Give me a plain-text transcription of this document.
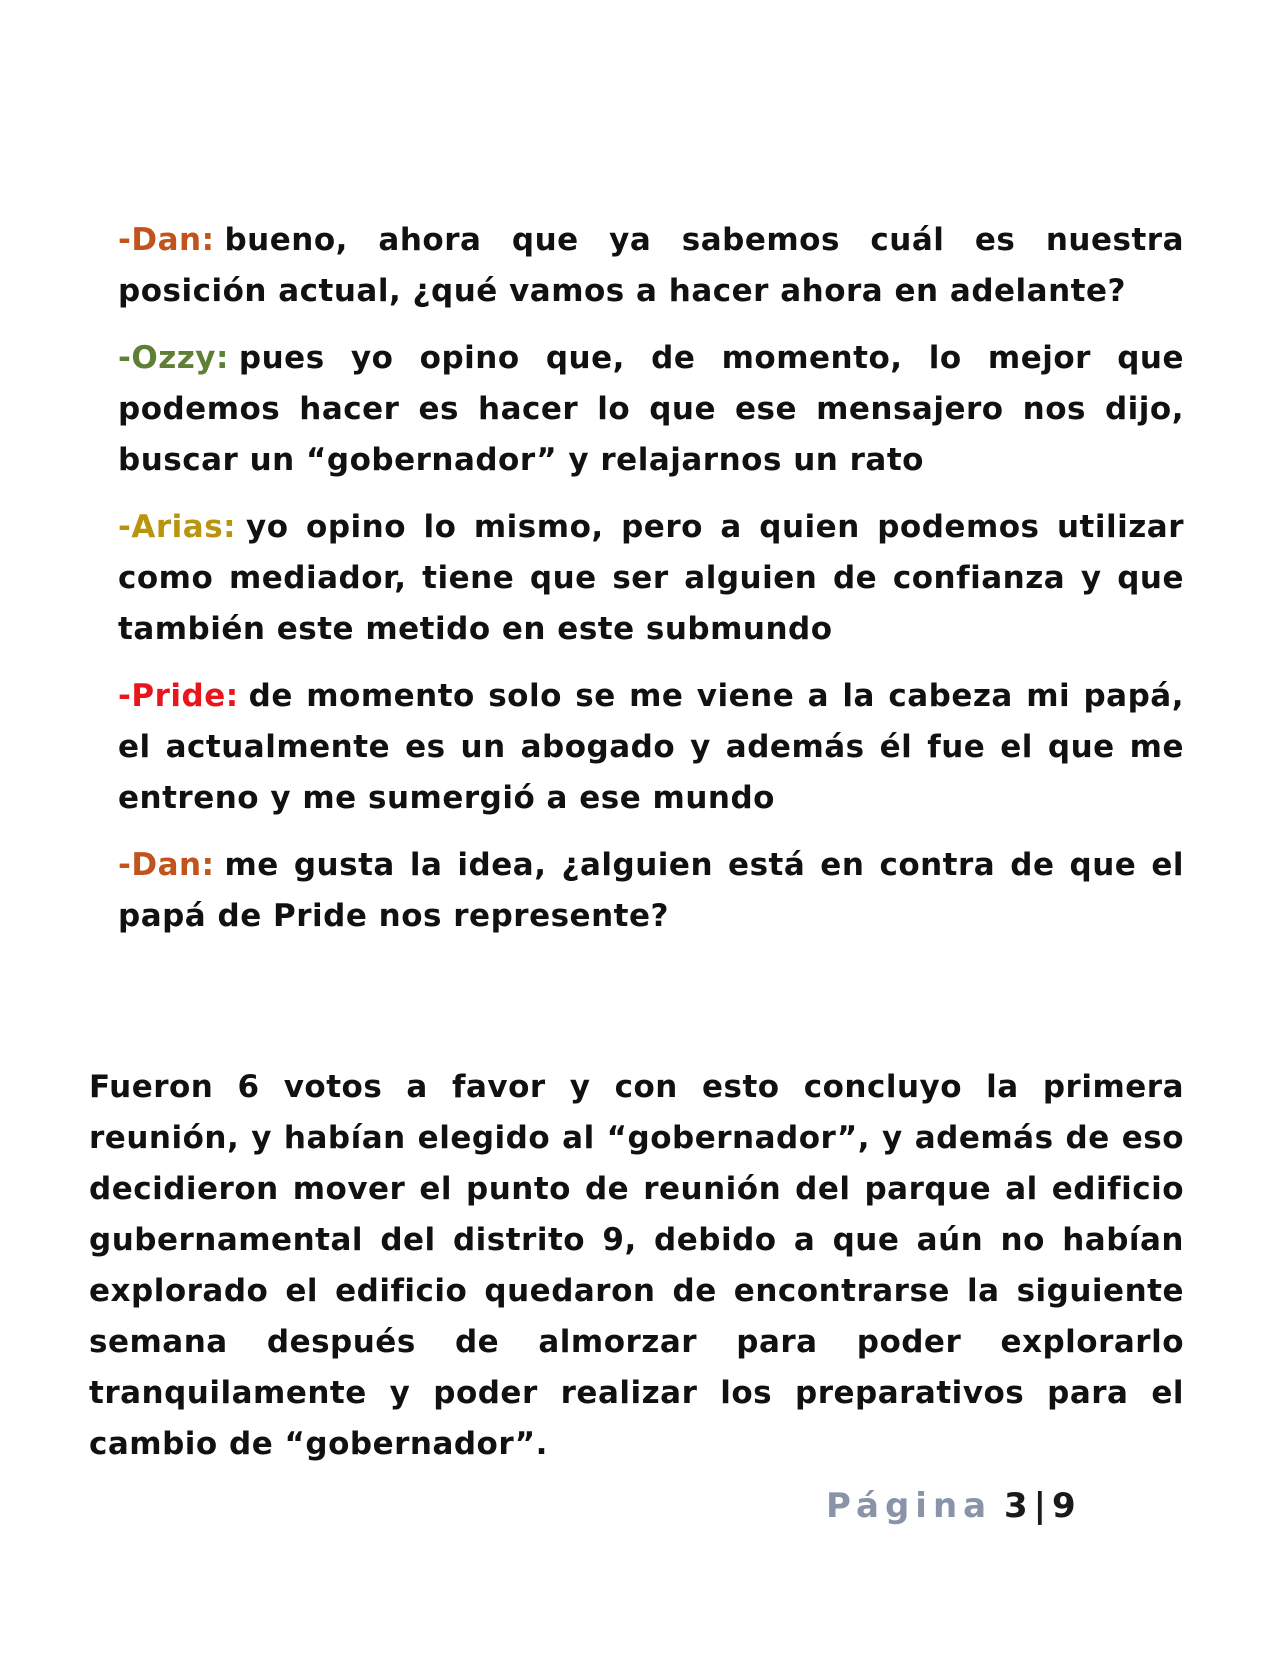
-Dan: bueno, ahora que ya sabemos cuál es nuestra posición actual, ¿qué vamos a hacer ahora en adelante?

-Ozzy: pues yo opino que, de momento, lo mejor que podemos hacer es hacer lo que ese mensajero nos dijo, buscar un “gobernador” y relajarnos un rato

-Arias: yo opino lo mismo, pero a quien podemos utilizar como mediador, tiene que ser alguien de confianza y que también este metido en este submundo

-Pride: de momento solo se me viene a la cabeza mi papá, el actualmente es un abogado y además él fue el que me entreno y me sumergió a ese mundo

-Dan: me gusta la idea, ¿alguien está en contra de que el papá de Pride nos represente?

Fueron 6 votos a favor y con esto concluyo la primera reunión, y habían elegido al “gobernador”, y además de eso decidieron mover el punto de reunión del parque al edificio gubernamental del distrito 9, debido a que aún no habían explorado el edificio quedaron de encontrarse la siguiente semana después de almorzar para poder explorarlo tranquilamente y poder realizar los preparativos para el cambio de “gobernador”.

Página 3 | 9
